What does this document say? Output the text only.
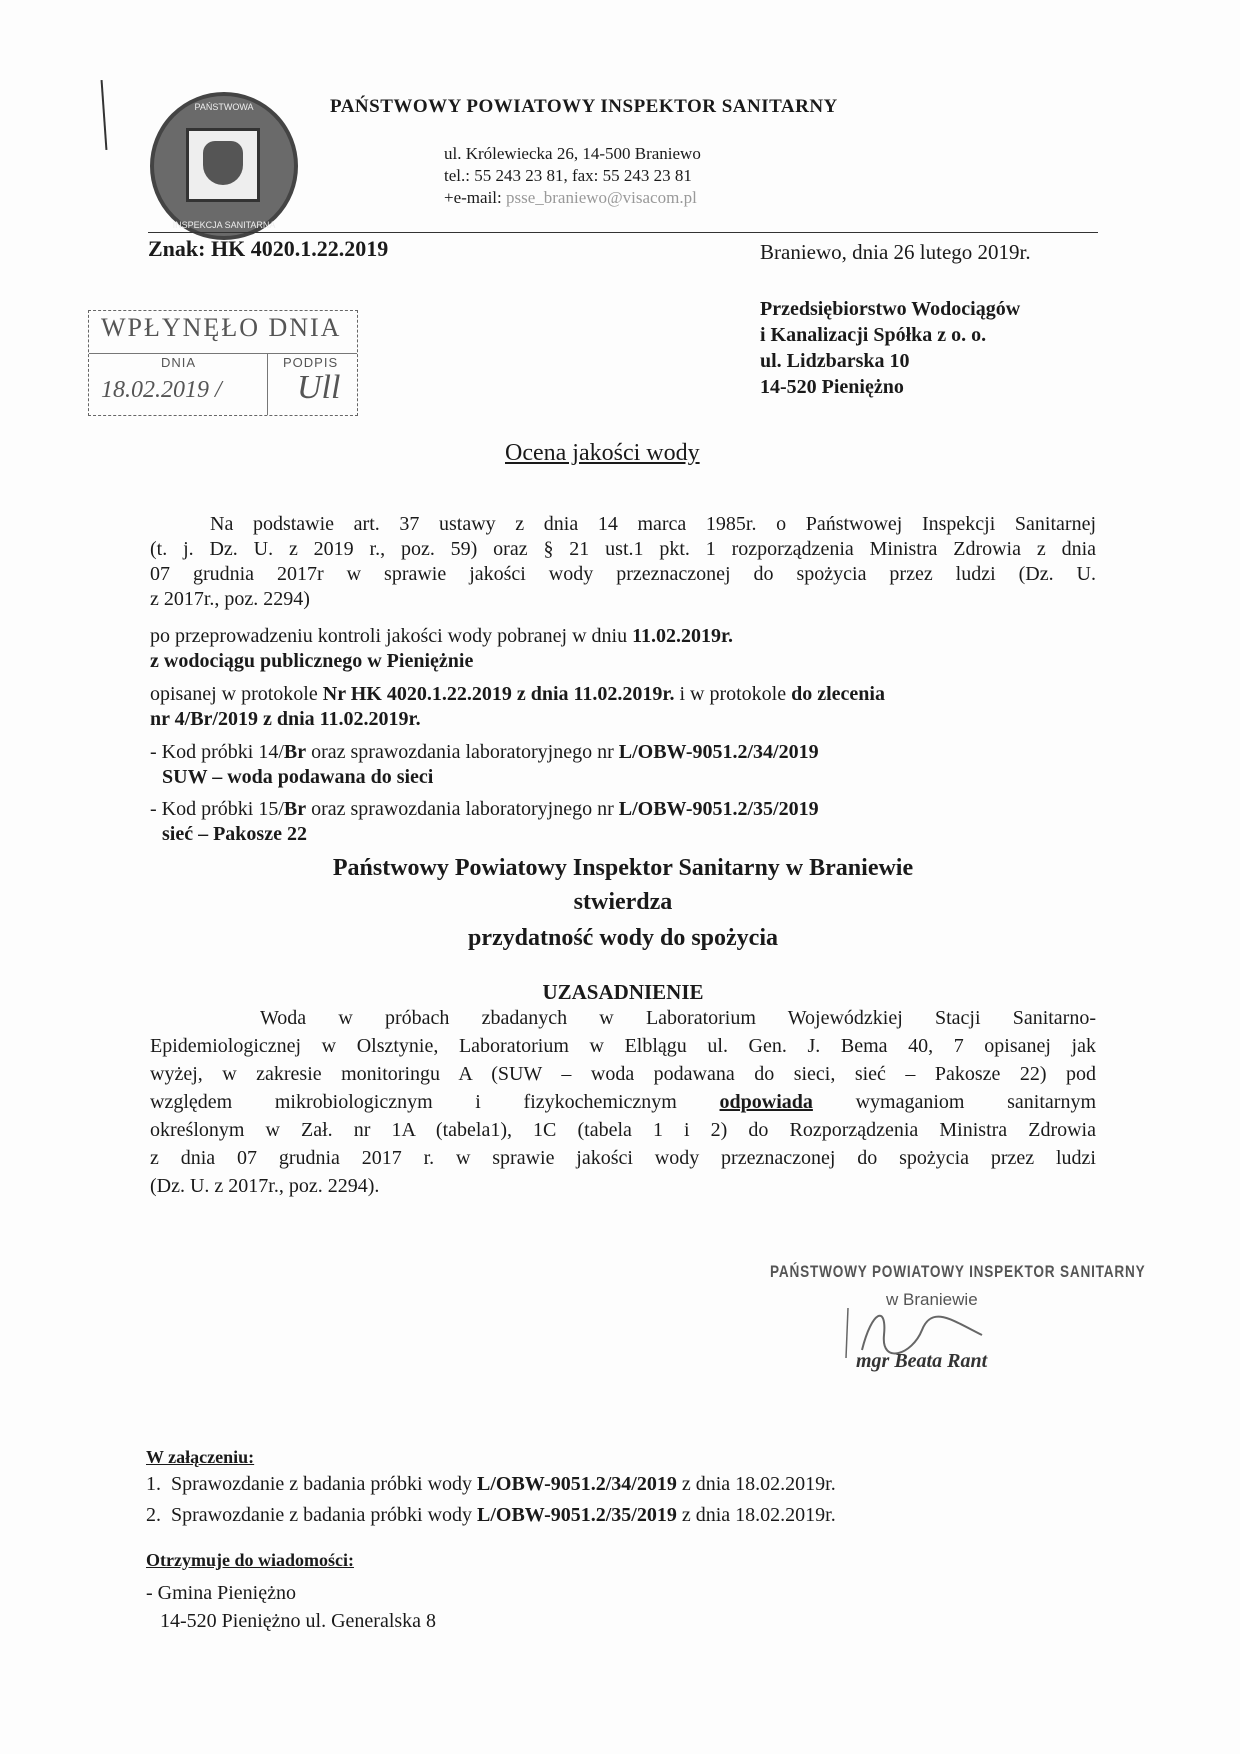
PAŃSTWOWA
INSPEKCJA SANITARNA
PAŃSTWOWY POWIATOWY INSPEKTOR SANITARNY
ul. Królewiecka 26, 14-500 Braniewo
tel.: 55 243 23 81, fax: 55 243 23 81
+e-mail: psse_braniewo@visacom.pl
Znak: HK 4020.1.22.2019	Braniewo, dnia 26 lutego 2019r.
WPŁYNĘŁO DNIA
DNIA	PODPIS
18.02.2019 / Ull
Przedsiębiorstwo Wodociągów
i Kanalizacji Spółka z o. o.
ul. Lidzbarska 10
14-520 Pieniężno
Ocena jakości wody
Na podstawie art. 37 ustawy z dnia 14 marca 1985r. o Państwowej Inspekcji Sanitarnej
(t. j. Dz. U. z 2019 r., poz. 59) oraz § 21 ust.1 pkt. 1 rozporządzenia Ministra Zdrowia z dnia
07 grudnia 2017r w sprawie jakości wody przeznaczonej do spożycia przez ludzi (Dz. U.
z 2017r., poz. 2294)
po przeprowadzeniu kontroli jakości wody pobranej w dniu 11.02.2019r.
z wodociągu publicznego w Pieniężnie
opisanej w protokole Nr HK 4020.1.22.2019 z dnia 11.02.2019r. i w protokole do zlecenia
nr 4/Br/2019 z dnia 11.02.2019r.
- Kod próbki 14/Br oraz sprawozdania laboratoryjnego nr L/OBW-9051.2/34/2019
SUW – woda podawana do sieci
- Kod próbki 15/Br oraz sprawozdania laboratoryjnego nr L/OBW-9051.2/35/2019
sieć – Pakosze 22
Państwowy Powiatowy Inspektor Sanitarny w Braniewie
stwierdza
przydatność wody do spożycia
UZASADNIENIE
Woda w próbach zbadanych w Laboratorium Wojewódzkiej Stacji Sanitarno-
Epidemiologicznej w Olsztynie, Laboratorium w Elblągu ul. Gen. J. Bema 40, 7 opisanej jak
wyżej, w zakresie monitoringu A (SUW – woda podawana do sieci, sieć – Pakosze 22) pod
względem mikrobiologicznym i fizykochemicznym odpowiada wymaganiom sanitarnym
określonym w Zał. nr 1A (tabela1), 1C (tabela 1 i 2) do Rozporządzenia Ministra Zdrowia
z dnia 07 grudnia 2017 r. w sprawie jakości wody przeznaczonej do spożycia przez ludzi
(Dz. U. z 2017r., poz. 2294).
PAŃSTWOWY POWIATOWY INSPEKTOR SANITARNY
w Braniewie
mgr Beata Rant
W załączeniu:
1. Sprawozdanie z badania próbki wody L/OBW-9051.2/34/2019 z dnia 18.02.2019r.
2. Sprawozdanie z badania próbki wody L/OBW-9051.2/35/2019 z dnia 18.02.2019r.
Otrzymuje do wiadomości:
- Gmina Pieniężno
14-520 Pieniężno ul. Generalska 8
